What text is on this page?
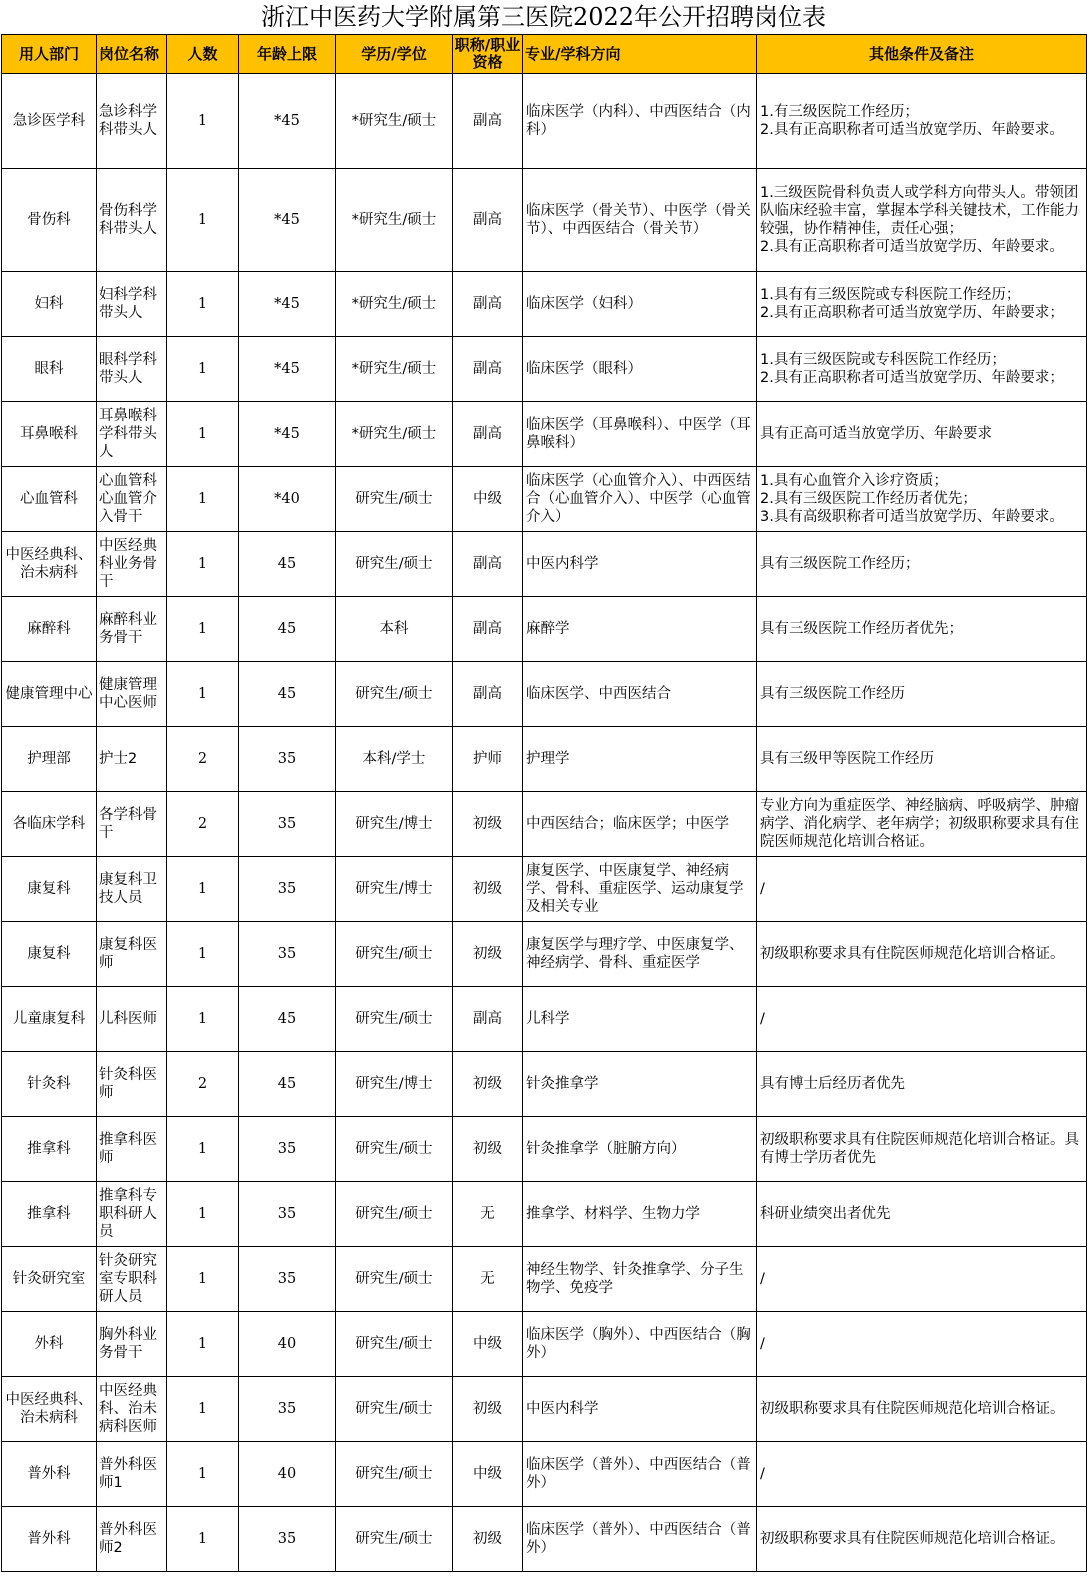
浙江中医药大学附属第三医院2022年公开招聘岗位表
用人部门	岗位名称	人数	年龄上限	学历/学位	职称/职业资格	专业/学科方向	其他条件及备注

急诊医学科	急诊科学科带头人	1	*45	*研究生/硕士	副高	临床医学（内科）、中西医结合（内科）	1.有三级医院工作经历；
2.具有正高职称者可适当放宽学历、年龄要求。

骨伤科	骨伤科学科带头人	1	*45	*研究生/硕士	副高	临床医学（骨关节）、中医学（骨关节）、中西医结合（骨关节）	1.三级医院骨科负责人或学科方向带头人。带领团队临床经验丰富，掌握本学科关键技术，工作能力较强，协作精神佳，责任心强；
2.具有正高职称者可适当放宽学历、年龄要求。

妇科	妇科学科带头人	1	*45	*研究生/硕士	副高	临床医学（妇科）	1.具有有三级医院或专科医院工作经历；
2.具有正高职称者可适当放宽学历、年龄要求；

眼科	眼科学科带头人	1	*45	*研究生/硕士	副高	临床医学（眼科）	1.具有三级医院或专科医院工作经历；
2.具有正高职称者可适当放宽学历、年龄要求；

耳鼻喉科	耳鼻喉科学科带头人	1	*45	*研究生/硕士	副高	临床医学（耳鼻喉科）、中医学（耳鼻喉科）	具有正高可适当放宽学历、年龄要求

心血管科	心血管科心血管介入骨干	1	*40	研究生/硕士	中级	临床医学（心血管介入）、中西医结合（心血管介入）、中医学（心血管介入）	1.具有心血管介入诊疗资质；
2.具有三级医院工作经历者优先；
3.具有高级职称者可适当放宽学历、年龄要求。

中医经典科、治未病科	中医经典科业务骨干	1	45	研究生/硕士	副高	中医内科学	具有三级医院工作经历；

麻醉科	麻醉科业务骨干	1	45	本科	副高	麻醉学	具有三级医院工作经历者优先；

健康管理中心	健康管理中心医师	1	45	研究生/硕士	副高	临床医学、中西医结合	具有三级医院工作经历

护理部	护士2	2	35	本科/学士	护师	护理学	具有三级甲等医院工作经历

各临床学科	各学科骨干	2	35	研究生/博士	初级	中西医结合；临床医学；中医学	专业方向为重症医学、神经脑病、呼吸病学、肿瘤病学、消化病学、老年病学；初级职称要求具有住院医师规范化培训合格证。

康复科	康复科卫技人员	1	35	研究生/博士	初级	康复医学、中医康复学、神经病学、骨科、重症医学、运动康复学及相关专业	/

康复科	康复科医师	1	35	研究生/硕士	初级	康复医学与理疗学、中医康复学、神经病学、骨科、重症医学	初级职称要求具有住院医师规范化培训合格证。

儿童康复科	儿科医师	1	45	研究生/硕士	副高	儿科学	/

针灸科	针灸科医师	2	45	研究生/博士	初级	针灸推拿学	具有博士后经历者优先

推拿科	推拿科医师	1	35	研究生/硕士	初级	针灸推拿学（脏腑方向）	初级职称要求具有住院医师规范化培训合格证。具有博士学历者优先

推拿科	推拿科专职科研人员	1	35	研究生/硕士	无	推拿学、材料学、生物力学	科研业绩突出者优先

针灸研究室	针灸研究室专职科研人员	1	35	研究生/硕士	无	神经生物学、针灸推拿学、分子生物学、免疫学	/

外科	胸外科业务骨干	1	40	研究生/硕士	中级	临床医学（胸外）、中西医结合（胸外）	/

中医经典科、治未病科	中医经典科、治未病科医师	1	35	研究生/硕士	初级	中医内科学	初级职称要求具有住院医师规范化培训合格证。

普外科	普外科医师1	1	40	研究生/硕士	中级	临床医学（普外）、中西医结合（普外）	/

普外科	普外科医师2	1	35	研究生/硕士	初级	临床医学（普外）、中西医结合（普外）	初级职称要求具有住院医师规范化培训合格证。
